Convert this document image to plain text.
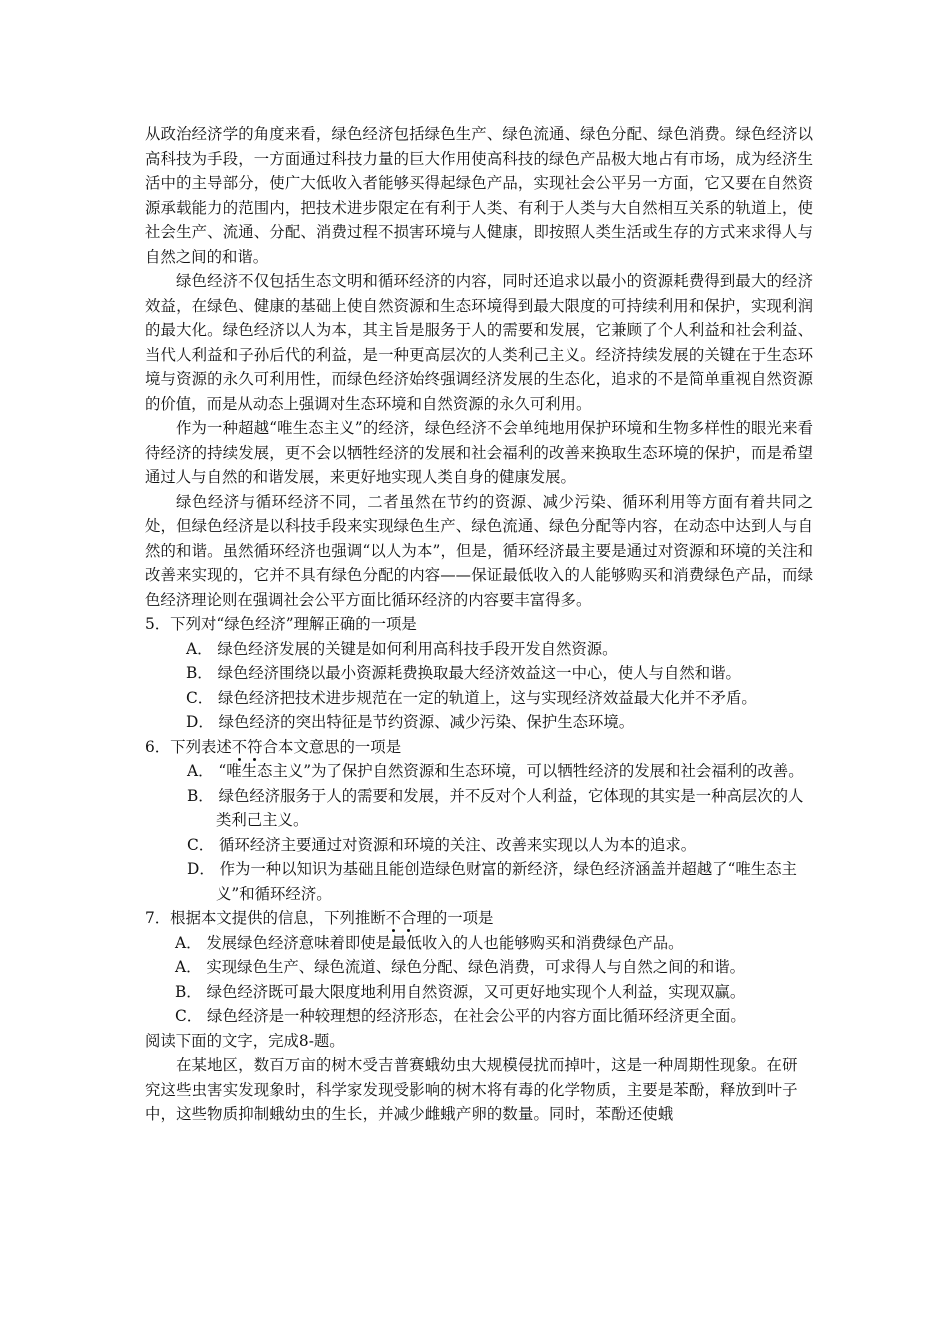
从政治经济学的角度来看，绿色经济包括绿色生产、绿色流通、绿色分配、绿色消费。绿色经济以高科技为手段，一方面通过科技力量的巨大作用使高科技的绿色产品极大地占有市场，成为经济生活中的主导部分，使广大低收入者能够买得起绿色产品，实现社会公平另一方面，它又要在自然资源承载能力的范围内，把技术进步限定在有利于人类、有利于人类与大自然相互关系的轨道上，使社会生产、流通、分配、消费过程不损害环境与人健康，即按照人类生活或生存的方式来求得人与自然之间的和谐。

绿色经济不仅包括生态文明和循环经济的内容，同时还追求以最小的资源耗费得到最大的经济效益，在绿色、健康的基础上使自然资源和生态环境得到最大限度的可持续利用和保护，实现利润的最大化。绿色经济以人为本，其主旨是服务于人的需要和发展，它兼顾了个人利益和社会利益、当代人利益和子孙后代的利益，是一种更高层次的人类利己主义。经济持续发展的关键在于生态环境与资源的永久可利用性，而绿色经济始终强调经济发展的生态化，追求的不是简单重视自然资源的价值，而是从动态上强调对生态环境和自然资源的永久可利用。

作为一种超越“唯生态主义”的经济，绿色经济不会单纯地用保护环境和生物多样性的眼光来看待经济的持续发展，更不会以牺牲经济的发展和社会福利的改善来换取生态环境的保护，而是希望通过人与自然的和谐发展，来更好地实现人类自身的健康发展。

绿色经济与循环经济不同，二者虽然在节约的资源、减少污染、循环利用等方面有着共同之处，但绿色经济是以科技手段来实现绿色生产、绿色流通、绿色分配等内容，在动态中达到人与自然的和谐。虽然循环经济也强调“以人为本”，但是，循环经济最主要是通过对资源和环境的关注和改善来实现的，它并不具有绿色分配的内容——保证最低收入的人能够购买和消费绿色产品，而绿色经济理论则在强调社会公平方面比循环经济的内容要丰富得多。

5．下列对“绿色经济”理解正确的一项是

A． 绿色经济发展的关键是如何利用高科技手段开发自然资源。

B． 绿色经济围绕以最小资源耗费换取最大经济效益这一中心，使人与自然和谐。

C． 绿色经济把技术进步规范在一定的轨道上，这与实现经济效益最大化并不矛盾。

D． 绿色经济的突出特征是节约资源、减少污染、保护生态环境。

6．下列表述不符合本文意思的一项是

A． “唯生态主义”为了保护自然资源和生态环境，可以牺牲经济的发展和社会福利的改善。

B． 绿色经济服务于人的需要和发展，并不反对个人利益，它体现的其实是一种高层次的人类利己主义。

C． 循环经济主要通过对资源和环境的关注、改善来实现以人为本的追求。

D． 作为一种以知识为基础且能创造绿色财富的新经济，绿色经济涵盖并超越了“唯生态主义”和循环经济。

7．根据本文提供的信息，下列推断不合理的一项是

A． 发展绿色经济意味着即使是最低收入的人也能够购买和消费绿色产品。

A． 实现绿色生产、绿色流道、绿色分配、绿色消费，可求得人与自然之间的和谐。

B． 绿色经济既可最大限度地利用自然资源，又可更好地实现个人利益，实现双赢。

C． 绿色经济是一种较理想的经济形态，在社会公平的内容方面比循环经济更全面。

阅读下面的文字，完成8-题。

在某地区，数百万亩的树木受吉普赛蛾幼虫大规模侵扰而掉叶，这是一种周期性现象。在研究这些虫害实发现象时，科学家发现受影响的树木将有毒的化学物质，主要是苯酚，释放到叶子中，这些物质抑制蛾幼虫的生长，并减少雌蛾产卵的数量。同时，苯酚还使蛾
